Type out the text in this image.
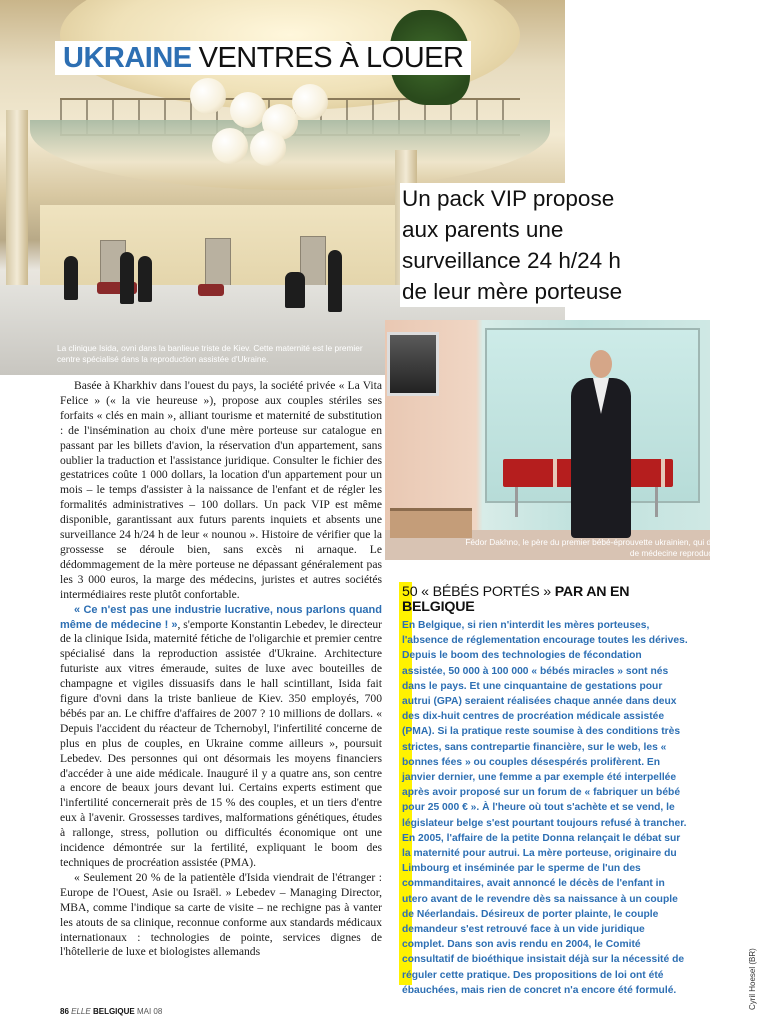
UKRAINE VENTRES À LOUER
La clinique Isida, ovni dans la banlieue triste de Kiev. Cette maternité est le premier centre spécialisé dans la reproduction assistée d'Ukraine.
Un pack VIP propose
aux parents une
surveillance 24 h/24 h
de leur mère porteuse
Fédor Dakhno, le père du premier bébé-éprouvette ukrainien, qui dirige l'Institut de médecine reproductive de Kiev.

Basée à Kharkhiv dans l'ouest du pays, la société privée « La Vita Felice » (« la vie heureuse »), propose aux couples stériles ses forfaits « clés en main », alliant tourisme et maternité de substitution : de l'insémination au choix d'une mère porteuse sur catalogue en passant par les billets d'avion, la réservation d'un appartement, sans oublier la traduction et l'assistance juridique. Consulter le fichier des gestatrices coûte 1 000 dollars, la location d'un appartement pour un mois – le temps d'assister à la naissance de l'enfant et de régler les formalités administratives – 100 dollars. Un pack VIP est même disponible, garantissant aux futurs parents inquiets et absents une surveillance 24 h/24 h de leur « nounou ». Histoire de vérifier que la grossesse se déroule bien, sans excès ni arnaque. Le dédommagement de la mère porteuse ne dépassant généralement pas les 3 000 euros, la marge des médecins, juristes et autres sociétés intermédiaires reste plutôt confortable.

« Ce n'est pas une industrie lucrative, nous parlons quand même de médecine ! », s'emporte Konstantin Lebedev, le directeur de la clinique Isida, maternité fétiche de l'oligarchie et premier centre spécialisé dans la reproduction assistée d'Ukraine. Architecture futuriste aux vitres émeraude, suites de luxe avec bouteilles de champagne et vigiles dissuasifs dans le hall scintillant, Isida fait figure d'ovni dans la triste banlieue de Kiev. 350 employés, 700 bébés par an. Le chiffre d'affaires de 2007 ? 10 millions de dollars. « Depuis l'accident du réacteur de Tchernobyl, l'infertilité concerne de plus en plus de couples, en Ukraine comme ailleurs », poursuit Lebedev. Des personnes qui ont désormais les moyens financiers d'accéder à une aide médicale. Inauguré il y a quatre ans, son centre a encore de beaux jours devant lui. Certains experts estiment que l'infertilité concernerait près de 15 % des couples, et un tiers d'entre eux à l'avenir. Grossesses tardives, malformations génétiques, études à rallonge, stress, pollution ou difficultés économique ont une incidence démontrée sur la fertilité, expliquant le boom des techniques de procréation assistée (PMA).

« Seulement 20 % de la patientèle d'Isida viendrait de l'étranger : Europe de l'Ouest, Asie ou Israël. » Lebedev – Managing Director, MBA, comme l'indique sa carte de visite – ne rechigne pas à vanter les atouts de sa clinique, reconnue conforme aux standards médicaux internationaux : technologies de pointe, services dignes de l'hôtellerie de luxe et biologistes allemands

50 « BÉBÉS PORTÉS » PAR AN EN BELGIQUE
En Belgique, si rien n'interdit les mères porteuses, l'absence de réglementation encourage toutes les dérives. Depuis le boom des technologies de fécondation assistée, 50 000 à 100 000 « bébés miracles » sont nés dans le pays. Et une cinquantaine de gestations pour autrui (GPA) seraient réalisées chaque année dans deux des dix-huit centres de procréation médicale assistée (PMA). Si la pratique reste soumise à des conditions très strictes, sans contrepartie financière, sur le web, les « bonnes fées » ou couples désespérés prolifèrent. En janvier dernier, une femme a par exemple été interpellée après avoir proposé sur un forum de « fabriquer un bébé pour 25 000 € ». À l'heure où tout s'achète et se vend, le législateur belge s'est pourtant toujours refusé à trancher. En 2005, l'affaire de la petite Donna relançait le débat sur la maternité pour autrui. La mère porteuse, originaire du Limbourg et inséminée par le sperme de l'un des commanditaires, avait annoncé le décès de l'enfant in utero avant de le revendre dès sa naissance à un couple de Néerlandais. Désireux de porter plainte, le couple demandeur s'est retrouvé face à un vide juridique complet. Dans son avis rendu en 2004, le Comité consultatif de bioéthique insistait déjà sur la nécessité de réguler cette pratique. Des propositions de loi ont été ébauchées, mais rien de concret n'a encore été formulé.
86 ELLE BELGIQUE MAI 08
Cyril Hoesel (BR)
